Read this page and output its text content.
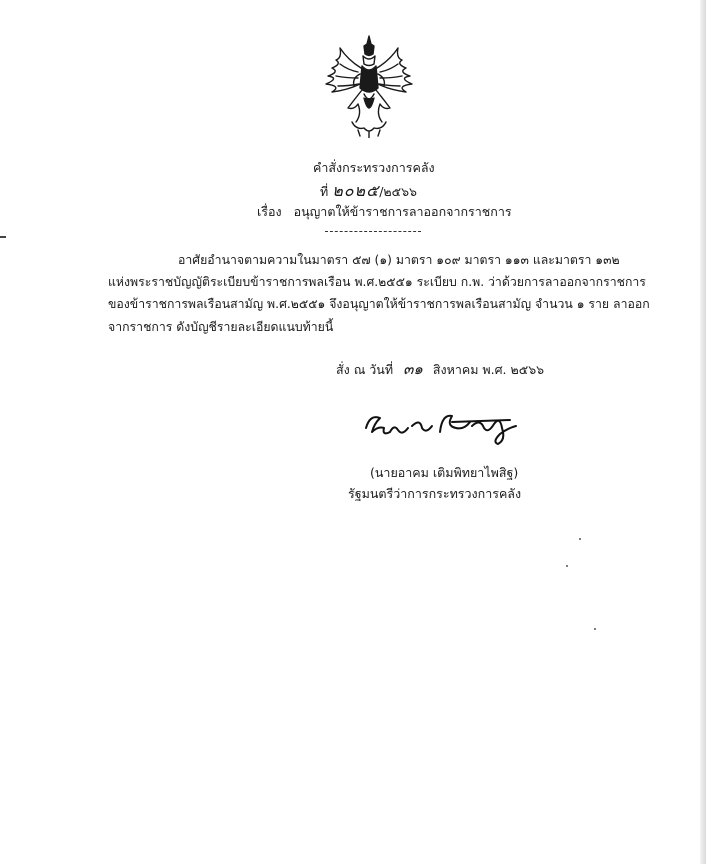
คำสั่งกระทรวงการคลัง
ที่ ๒๐๒๕/๒๕๖๖
เรื่อง อนุญาตให้ข้าราชการลาออกจากราชการ
อาศัยอำนาจตามความในมาตรา ๕๗ (๑) มาตรา ๑๐๙ มาตรา ๑๑๓ และมาตรา ๑๓๒
แห่งพระราชบัญญัติระเบียบข้าราชการพลเรือน พ.ศ.๒๕๕๑ ระเบียบ ก.พ. ว่าด้วยการลาออกจากราชการ
ของข้าราชการพลเรือนสามัญ พ.ศ.๒๕๕๑ จึงอนุญาตให้ข้าราชการพลเรือนสามัญ จำนวน ๑ ราย ลาออก
จากราชการ ดังบัญชีรายละเอียดแนบท้ายนี้
สั่ง ณ วันที่ ๓๑ สิงหาคม พ.ศ. ๒๕๖๖
(นายอาคม เติมพิทยาไพสิฐ)
รัฐมนตรีว่าการกระทรวงการคลัง
